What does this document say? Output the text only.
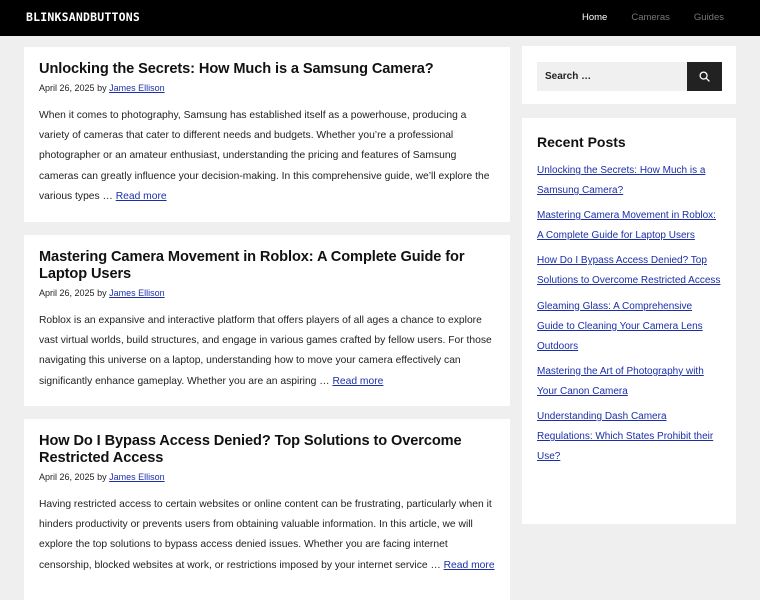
BLINKSANDBUTTONS	Home	Cameras	Guides
Unlocking the Secrets: How Much is a Samsung Camera?
April 26, 2025 by James Ellison

When it comes to photography, Samsung has established itself as a powerhouse, producing a variety of cameras that cater to different needs and budgets. Whether you’re a professional photographer or an amateur enthusiast, understanding the pricing and features of Samsung cameras can greatly influence your decision-making. In this comprehensive guide, we’ll explore the various types … Read more

Mastering Camera Movement in Roblox: A Complete Guide for Laptop Users
April 26, 2025 by James Ellison

Roblox is an expansive and interactive platform that offers players of all ages a chance to explore vast virtual worlds, build structures, and engage in various games crafted by fellow users. For those navigating this universe on a laptop, understanding how to move your camera effectively can significantly enhance gameplay. Whether you are an aspiring … Read more

How Do I Bypass Access Denied? Top Solutions to Overcome Restricted Access
April 26, 2025 by James Ellison

Having restricted access to certain websites or online content can be frustrating, particularly when it hinders productivity or prevents users from obtaining valuable information. In this article, we will explore the top solutions to bypass access denied issues. Whether you are facing internet censorship, blocked websites at work, or restrictions imposed by your internet service … Read more

Search …
Recent Posts
Unlocking the Secrets: How Much is a Samsung Camera?
Mastering Camera Movement in Roblox: A Complete Guide for Laptop Users
How Do I Bypass Access Denied? Top Solutions to Overcome Restricted Access
Gleaming Glass: A Comprehensive Guide to Cleaning Your Camera Lens Outdoors
Mastering the Art of Photography with Your Canon Camera
Understanding Dash Camera Regulations: Which States Prohibit their Use?
